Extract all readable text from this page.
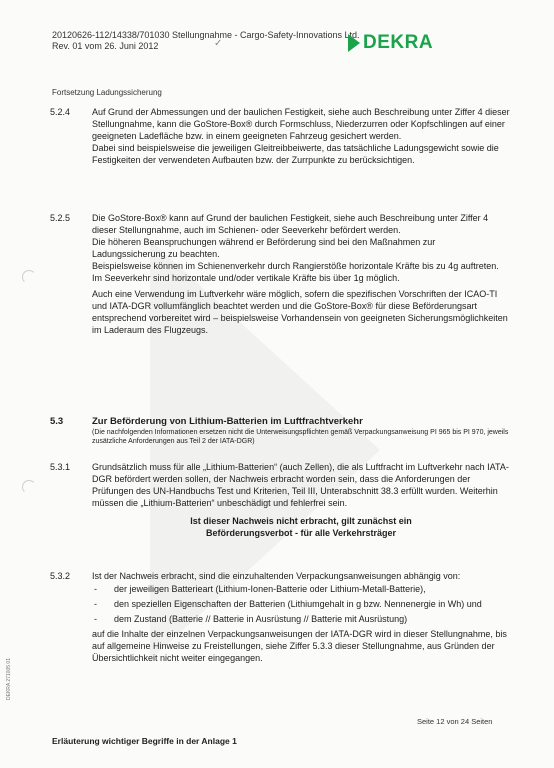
20120626-112/14338/701030 Stellungnahme - Cargo-Safety-Innovations Ltd.
Rev. 01 vom 26. Juni 2012	✓	DEKRA
Fortsetzung Ladungssicherung
5.2.4	Auf Grund der Abmessungen und der baulichen Festigkeit, siehe auch Beschreibung unter Ziffer 4 dieser Stellungnahme, kann die GoStore-Box® durch Formschluss, Niederzurren oder Kopfschlingen auf einer geeigneten Ladefläche bzw. in einem geeigneten Fahrzeug gesichert werden.

Dabei sind beispielsweise die jeweiligen Gleitreibbeiwerte, das tatsächliche Ladungsgewicht sowie die Festigkeiten der verwendeten Aufbauten bzw. der Zurrpunkte zu berücksichtigen.

5.2.5	Die GoStore-Box® kann auf Grund der baulichen Festigkeit, siehe auch Beschreibung unter Ziffer 4 dieser Stellungnahme, auch im Schienen- oder Seeverkehr befördert werden.

Die höheren Beanspruchungen während er Beförderung sind bei den Maßnahmen zur Ladungssicherung zu beachten.

Beispielsweise können im Schienenverkehr durch Rangierstöße horizontale Kräfte bis zu 4g auftreten. Im Seeverkehr sind horizontale und/oder vertikale Kräfte bis über 1g möglich.

Auch eine Verwendung im Luftverkehr wäre möglich, sofern die spezifischen Vorschriften der ICAO-TI und IATA-DGR vollumfänglich beachtet werden und die GoStore-Box® für diese Beförderungsart entsprechend vorbereitet wird – beispielsweise Vorhandensein von geeigneten Sicherungsmöglichkeiten im Laderaum des Flugzeugs.

5.3	Zur Beförderung von Lithium-Batterien im Luftfrachtverkehr

(Die nachfolgenden Informationen ersetzen nicht die Unterweisungspflichten gemäß Verpackungsanweisung PI 965 bis PI 970, jeweils zusätzliche Anforderungen aus Teil 2 der IATA-DGR)

5.3.1	Grundsätzlich muss für alle „Lithium-Batterien“ (auch Zellen), die als Luftfracht im Luftverkehr nach IATA-DGR befördert werden sollen, der Nachweis erbracht worden sein, dass die Anforderungen der Prüfungen des UN-Handbuchs Test und Kriterien, Teil III, Unterabschnitt 38.3 erfüllt wurden. Weiterhin müssen die „Lithium-Batterien“ unbeschädigt und fehlerfrei sein.

Ist dieser Nachweis nicht erbracht, gilt zunächst ein
Beförderungsverbot - für alle Verkehrsträger
5.3.2	Ist der Nachweis erbracht, sind die einzuhaltenden Verpackungsanweisungen abhängig von:

- der jeweiligen Batterieart (Lithium-Ionen-Batterie oder Lithium-Metall-Batterie),
- den speziellen Eigenschaften der Batterien (Lithiumgehalt in g bzw. Nennenergie in Wh) und
- dem Zustand (Batterie // Batterie in Ausrüstung // Batterie mit Ausrüstung)

auf die Inhalte der einzelnen Verpackungsanweisungen der IATA-DGR wird in dieser Stellungnahme, bis auf allgemeine Hinweise zu Freistellungen, siehe Ziffer 5.3.3 dieser Stellungnahme, aus Gründen der Übersichtlichkeit nicht weiter eingegangen.

Seite 12 von 24 Seiten
Erläuterung wichtiger Begriffe in der Anlage 1
DEKRA 271005 01
